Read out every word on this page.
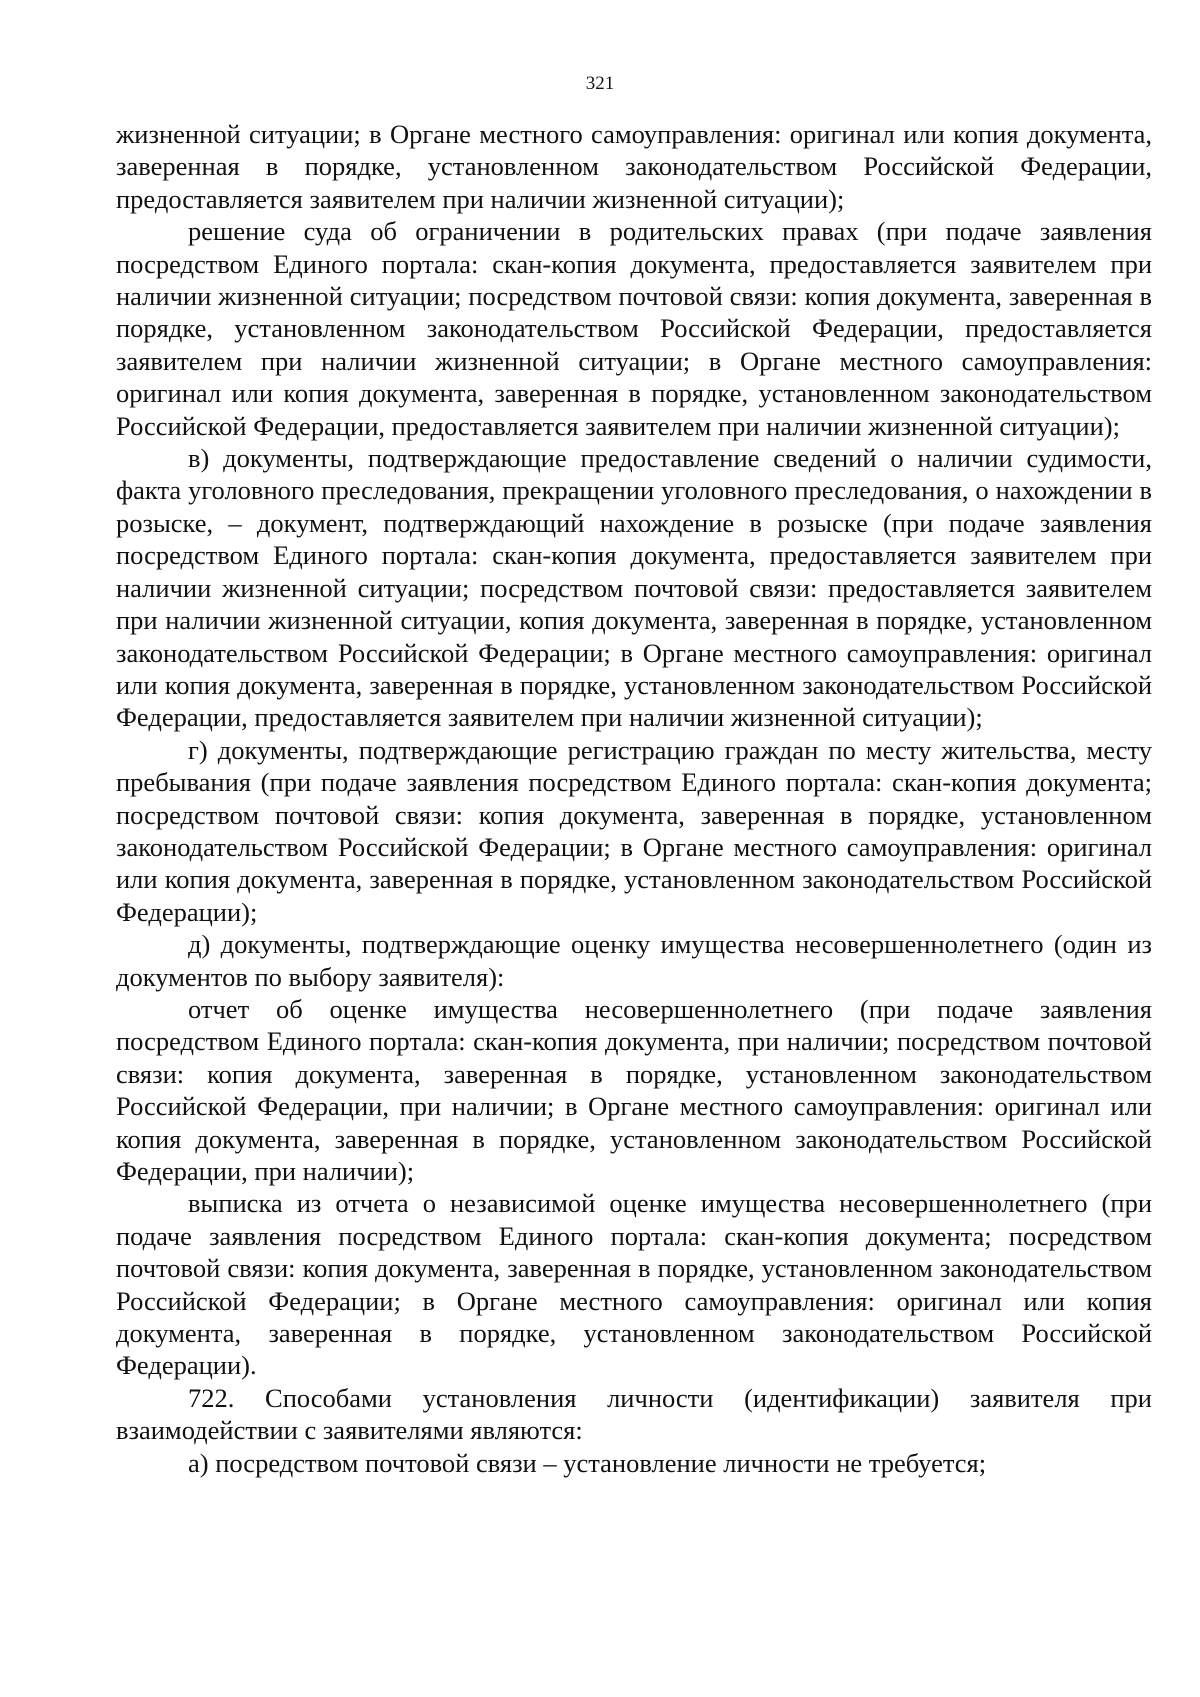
321

жизненной ситуации; в Органе местного самоуправления: оригинал или копия документа, заверенная в порядке, установленном законодательством Российской Федерации, предоставляется заявителем при наличии жизненной ситуации);

решение суда об ограничении в родительских правах (при подаче заявления посредством Единого портала: скан-копия документа, предоставляется заявителем при наличии жизненной ситуации; посредством почтовой связи: копия документа, заверенная в порядке, установленном законодательством Российской Федерации, предоставляется заявителем при наличии жизненной ситуации; в Органе местного самоуправления: оригинал или копия документа, заверенная в порядке, установленном законодательством Российской Федерации, предоставляется заявителем при наличии жизненной ситуации);

в) документы, подтверждающие предоставление сведений о наличии судимости, факта уголовного преследования, прекращении уголовного преследования, о нахождении в розыске, – документ, подтверждающий нахождение в розыске (при подаче заявления посредством Единого портала: скан-копия документа, предоставляется заявителем при наличии жизненной ситуации; посредством почтовой связи: предоставляется заявителем при наличии жизненной ситуации, копия документа, заверенная в порядке, установленном законодательством Российской Федерации; в Органе местного самоуправления: оригинал или копия документа, заверенная в порядке, установленном законодательством Российской Федерации, предоставляется заявителем при наличии жизненной ситуации);

г) документы, подтверждающие регистрацию граждан по месту жительства, месту пребывания (при подаче заявления посредством Единого портала: скан-копия документа; посредством почтовой связи: копия документа, заверенная в порядке, установленном законодательством Российской Федерации; в Органе местного самоуправления: оригинал или копия документа, заверенная в порядке, установленном законодательством Российской Федерации);

д) документы, подтверждающие оценку имущества несовершеннолетнего (один из документов по выбору заявителя):

отчет об оценке имущества несовершеннолетнего (при подаче заявления посредством Единого портала: скан-копия документа, при наличии; посредством почтовой связи: копия документа, заверенная в порядке, установленном законодательством Российской Федерации, при наличии; в Органе местного самоуправления: оригинал или копия документа, заверенная в порядке, установленном законодательством Российской Федерации, при наличии);

выписка из отчета о независимой оценке имущества несовершеннолетнего (при подаче заявления посредством Единого портала: скан-копия документа; посредством почтовой связи: копия документа, заверенная в порядке, установленном законодательством Российской Федерации; в Органе местного самоуправления: оригинал или копия документа, заверенная в порядке, установленном законодательством Российской Федерации).

722. Способами установления личности (идентификации) заявителя при взаимодействии с заявителями являются:

а) посредством почтовой связи – установление личности не требуется;
